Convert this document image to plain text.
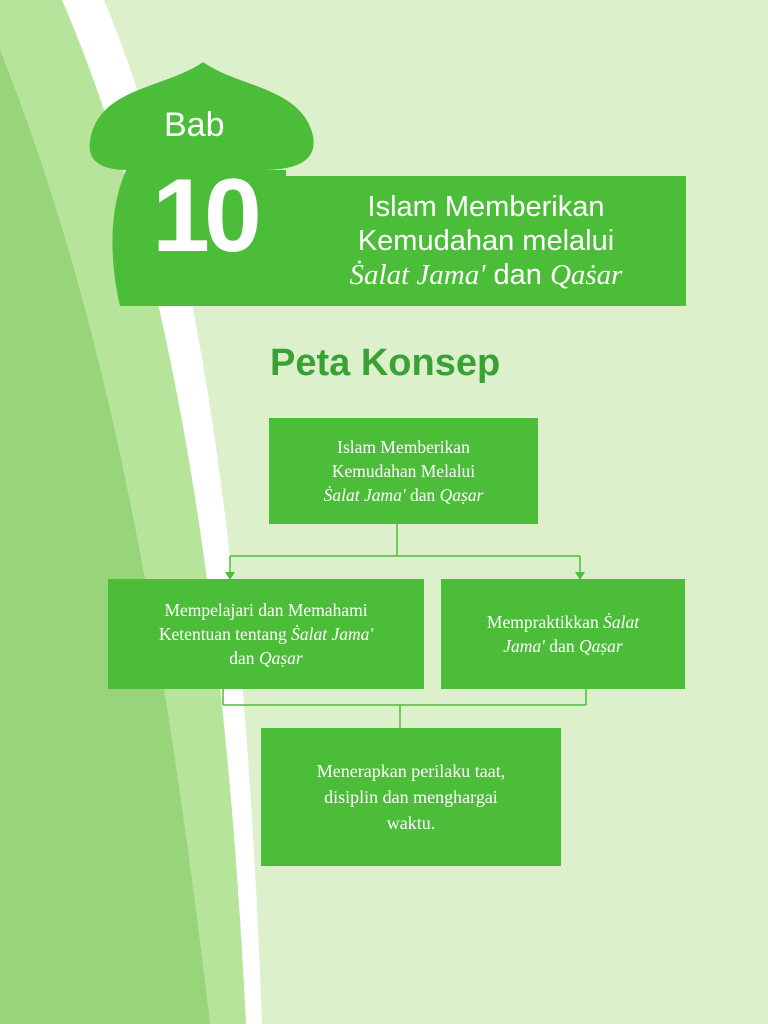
Bab
10	Islam Memberikan
Kemudahan melalui
Ṡalat Jama' dan Qaṡar
Peta Konsep
Islam Memberikan
Kemudahan Melalui
Ṡalat Jama' dan Qaṣar
Mempelajari dan Memahami
Ketentuan tentang Ṡalat Jama'
dan Qaṣar
Mempraktikkan Ṡalat
Jama' dan Qaṣar
Menerapkan perilaku taat,
disiplin dan menghargai
waktu.
